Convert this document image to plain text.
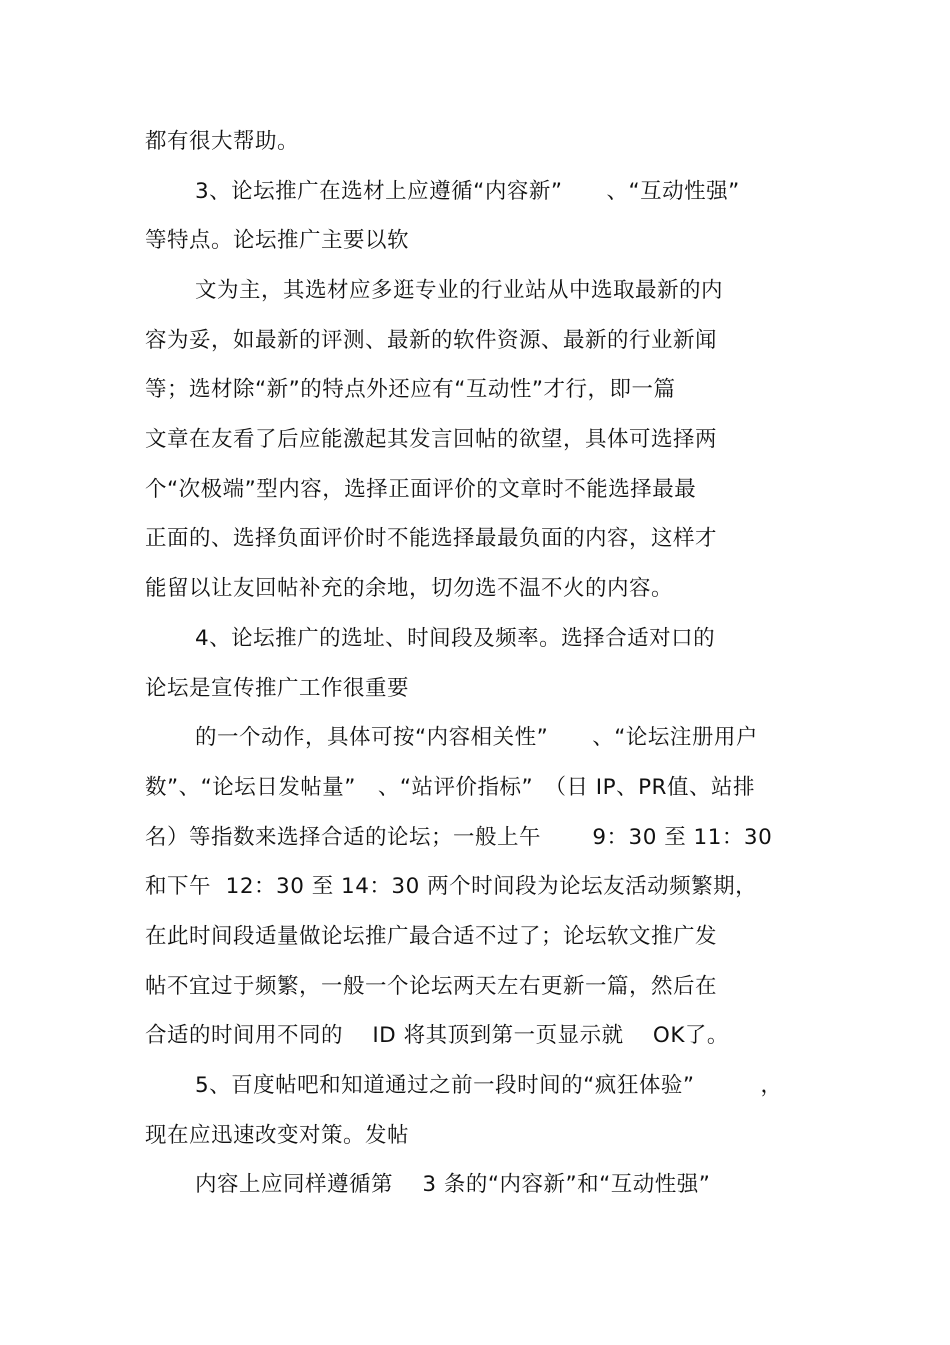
都有很大帮助。
3、论坛推广在选材上应遵循“内容新”　　、“互动性强”
等特点。论坛推广主要以软
文为主，其选材应多逛专业的行业站从中选取最新的内
容为妥，如最新的评测、最新的软件资源、最新的行业新闻
等；选材除“新”的特点外还应有“互动性”才行，即一篇
文章在友看了后应能激起其发言回帖的欲望，具体可选择两
个“次极端”型内容，选择正面评价的文章时不能选择最最
正面的、选择负面评价时不能选择最最负面的内容，这样才
能留以让友回帖补充的余地，切勿选不温不火的内容。
4、论坛推广的选址、时间段及频率。选择合适对口的
论坛是宣传推广工作很重要
的一个动作，具体可按“内容相关性”　　、“论坛注册用户
数”、“论坛日发帖量”　、“站评价指标”　（日 IP、PR值、站排
名）等指数来选择合适的论坛；一般上午　　 9：30 至 11：30
和下午  12：30 至 14：30 两个时间段为论坛友活动频繁期，
在此时间段适量做论坛推广最合适不过了；论坛软文推广发
帖不宜过于频繁，一般一个论坛两天左右更新一篇，然后在
合适的时间用不同的　 ID 将其顶到第一页显示就　 OK了。
5、百度帖吧和知道通过之前一段时间的“疯狂体验”　　　，
现在应迅速改变对策。发帖
内容上应同样遵循第　 3 条的“内容新”和“互动性强”
